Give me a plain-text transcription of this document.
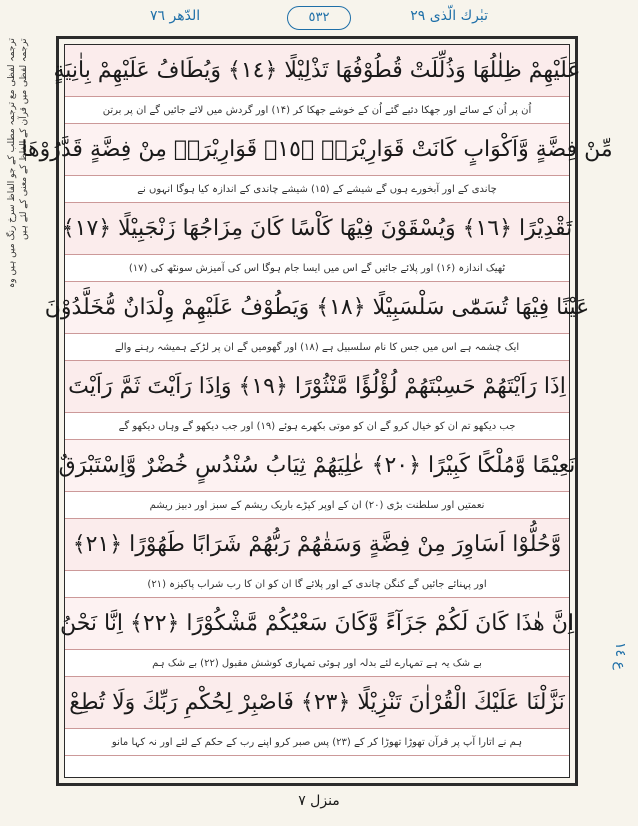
الدّهر ٧٦	٥٣٢	تبٰرك الّذى ٢٩
ترجمہ لفظی مع ترجمہ مطلب کے جو الفاظ سرخ رنگ میں ہیں وہ ترجمہ لفظی میں قرآن کے الفاظ کے معنی کے لئے ہیں	عَلَيْهِمْ ظِلٰلُهَا وَذُلِّلَتْ قُطُوْفُهَا تَذْلِيْلًا ﴿١٤﴾ وَيُطَافُ عَلَيْهِمْ بِاٰنِيَةٍ
اُن پر اُن کے سائے اور جھکا دئیے گئے اُن کے خوشے جھکا کر (۱۴) اور گردش میں لائے جائیں گے ان پر برتن
مِّنْ فِضَّةٍ وَّاَكْوَابٍ كَانَتْ قَوَارِيْرَا۠ ﴿١٥﴾ قَوَارِيْرَا۟ مِنْ فِضَّةٍ قَدَّرُوْهَا
چاندی کے اور آبخورے ہوں گے شیشے کے (۱۵) شیشے چاندی کے اندازہ کیا ہوگا انہوں نے
تَقْدِيْرًا ﴿١٦﴾ وَيُسْقَوْنَ فِيْهَا كَاْسًا كَانَ مِزَاجُهَا زَنْجَبِيْلًا ﴿١٧﴾
ٹھیک اندازہ (۱۶) اور پلائے جائیں گے اس میں ایسا جام ہوگا اس کی آمیزش سونٹھ کی (۱۷)
عَيْنًا فِيْهَا تُسَمّٰى سَلْسَبِيْلًا ﴿١٨﴾ وَيَطُوْفُ عَلَيْهِمْ وِلْدَانٌ مُّخَلَّدُوْنَ
ایک چشمہ ہے اس میں جس کا نام سلسبیل ہے (۱۸) اور گھومیں گے ان پر لڑکے ہمیشہ رہنے والے
اِذَا رَاَيْتَهُمْ حَسِبْتَهُمْ لُؤْلُؤًا مَّنْثُوْرًا ﴿١٩﴾ وَاِذَا رَاَيْتَ ثَمَّ رَاَيْتَ
جب دیکھو تم ان کو خیال کرو گے ان کو موتی بکھرے ہوئے (۱۹) اور جب دیکھو گے وہاں دیکھو گے
نَعِيْمًا وَّمُلْكًا كَبِيْرًا ﴿٢٠﴾ عٰلِيَهُمْ ثِيَابُ سُنْدُسٍ خُضْرٌ وَّاِسْتَبْرَقٌ
نعمتیں اور سلطنت بڑی (۲۰) ان کے اوپر کپڑے باریک ریشم کے سبز اور دبیز ریشم
وَّحُلُّوْا اَسَاوِرَ مِنْ فِضَّةٍ وَسَقٰهُمْ رَبُّهُمْ شَرَابًا طَهُوْرًا ﴿٢١﴾
اور پہنائے جائیں گے کنگن چاندی کے اور پلائے گا ان کو ان کا رب شراب پاکیزہ (۲۱)
اِنَّ هٰذَا كَانَ لَكُمْ جَزَآءً وَّكَانَ سَعْيُكُمْ مَّشْكُوْرًا ﴿٢٢﴾ اِنَّا نَحْنُ
بے شک یہ ہے تمہارے لئے بدلہ اور ہوئی تمہاری کوشش مقبول (۲۲) بے شک ہم
نَزَّلْنَا عَلَيْكَ الْقُرْاٰنَ تَنْزِيْلًا ﴿٢٣﴾ فَاصْبِرْ لِحُكْمِ رَبِّكَ وَلَا تُطِعْ
ہم نے اتارا آپ پر قرآن تھوڑا تھوڑا کر کے (۲۳) پس صبر کرو اپنے رب کے حکم کے لئے اور نہ کہا مانو
ع ١٤
منزل ٧
